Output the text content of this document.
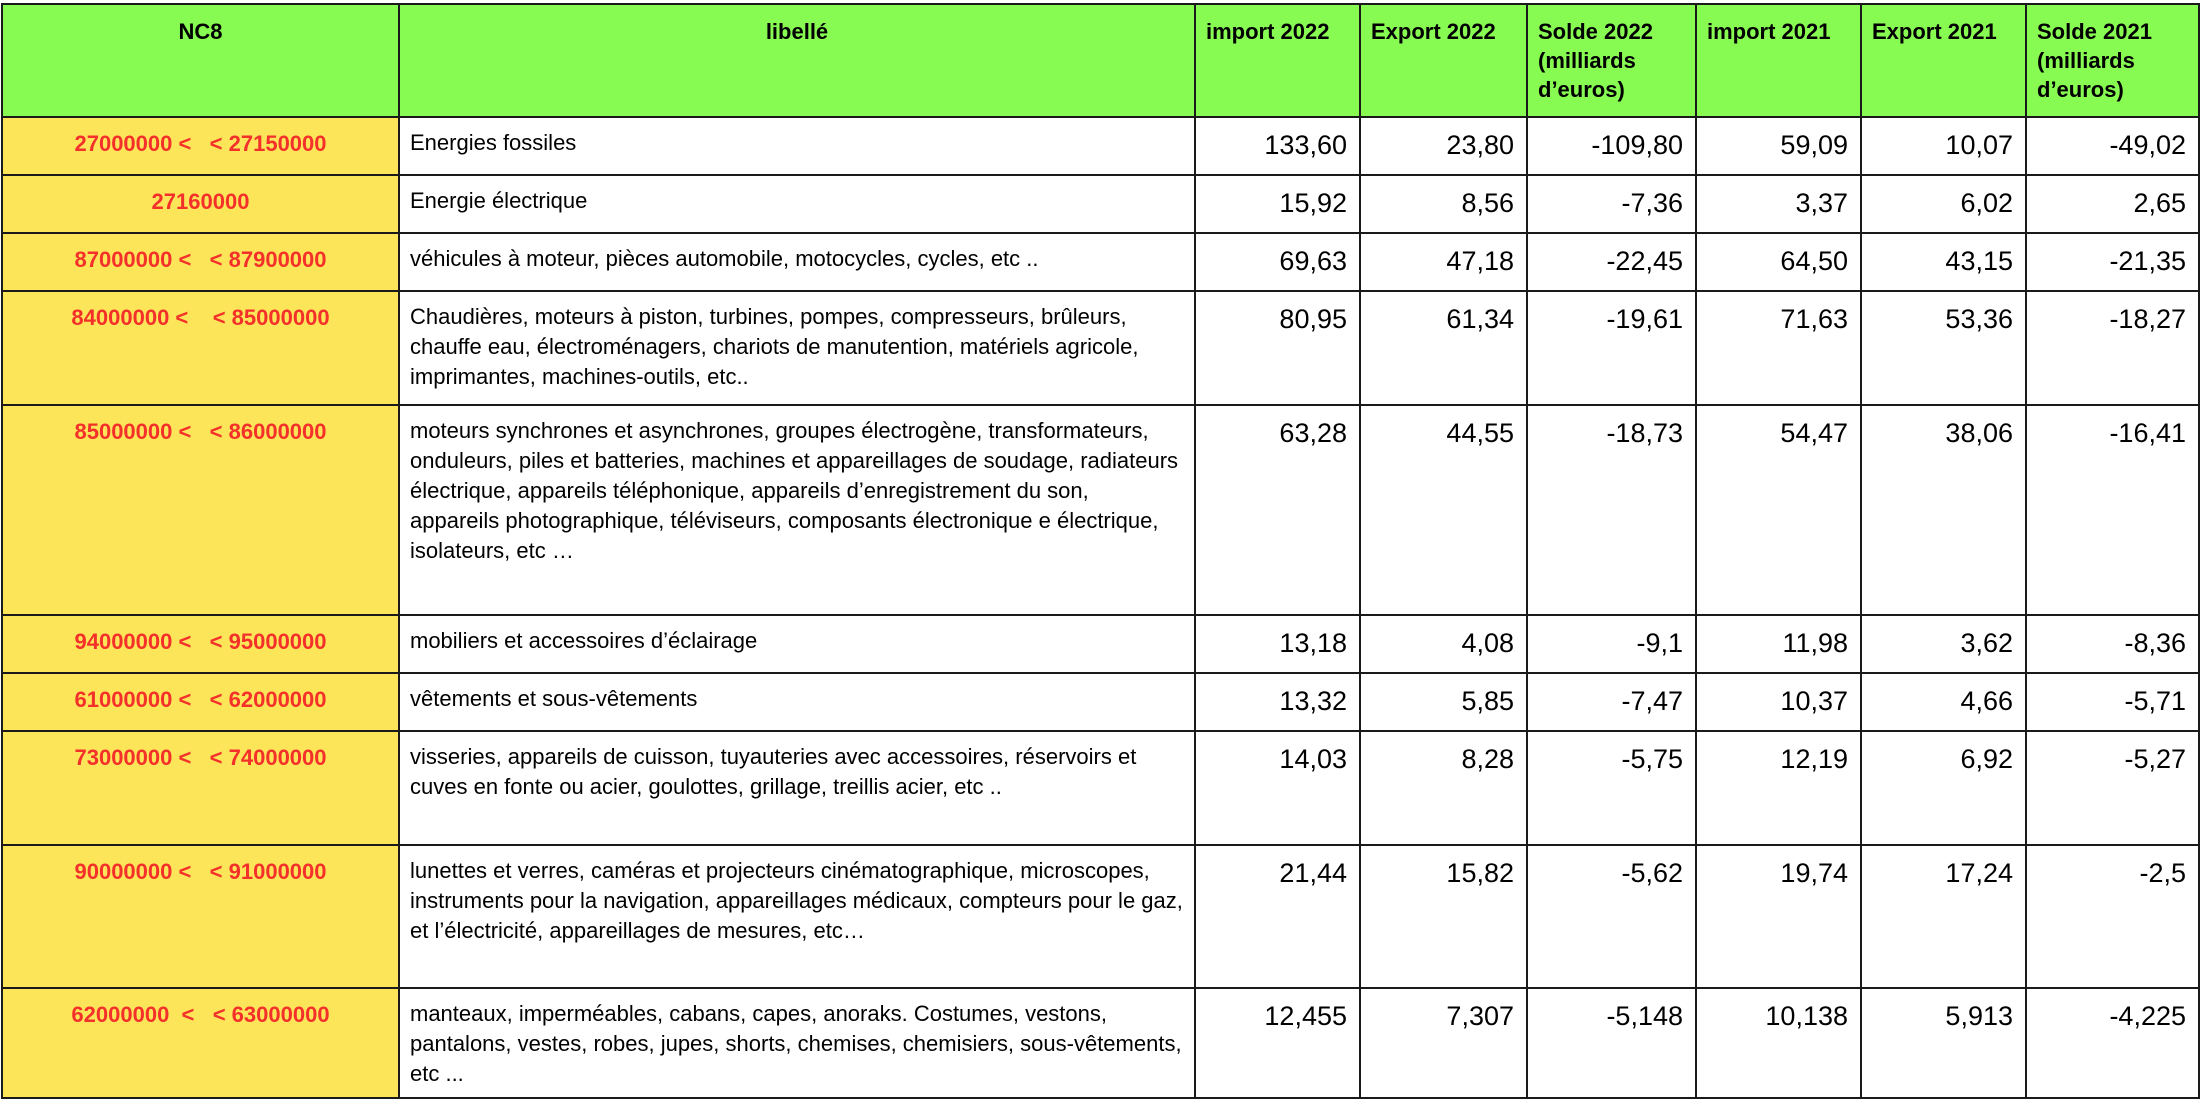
NC8	libellé	import 2022	Export 2022	Solde 2022 (milliards d’euros)	import 2021	Export 2021	Solde 2021 (milliards d’euros)
27000000 <   < 27150000	Energies fossiles	133,60	23,80	-109,80	59,09	10,07	-49,02
27160000	Energie électrique	15,92	8,56	-7,36	3,37	6,02	2,65
87000000 <   < 87900000	véhicules à moteur, pièces automobile, motocycles, cycles, etc ..	69,63	47,18	-22,45	64,50	43,15	-21,35
84000000 <    < 85000000	Chaudières, moteurs à piston, turbines, pompes, compresseurs, brûleurs, chauffe eau, électroménagers, chariots de manutention, matériels agricole, imprimantes, machines-outils, etc..	80,95	61,34	-19,61	71,63	53,36	-18,27
85000000 <   < 86000000	moteurs synchrones et asynchrones, groupes électrogène, transformateurs, onduleurs, piles et batteries, machines et appareillages de soudage, radiateurs électrique, appareils téléphonique, appareils d’enregistrement du son, appareils photographique, téléviseurs, composants électronique e électrique, isolateurs, etc …	63,28	44,55	-18,73	54,47	38,06	-16,41
94000000 <   < 95000000	mobiliers et accessoires d’éclairage	13,18	4,08	-9,1	11,98	3,62	-8,36
61000000 <   < 62000000	vêtements et sous-vêtements	13,32	5,85	-7,47	10,37	4,66	-5,71
73000000 <   < 74000000	visseries, appareils de cuisson, tuyauteries avec accessoires, réservoirs et cuves en fonte ou acier, goulottes, grillage, treillis acier, etc ..	14,03	8,28	-5,75	12,19	6,92	-5,27
90000000 <   < 91000000	lunettes et verres, caméras et projecteurs cinématographique, microscopes, instruments pour la navigation, appareillages médicaux, compteurs pour le gaz, et l’électricité, appareillages de mesures, etc…	21,44	15,82	-5,62	19,74	17,24	-2,5
62000000  <   < 63000000	manteaux, imperméables, cabans, capes, anoraks. Costumes, vestons, pantalons, vestes, robes, jupes, shorts, chemises, chemisiers, sous-vêtements, etc ...	12,455	7,307	-5,148	10,138	5,913	-4,225
